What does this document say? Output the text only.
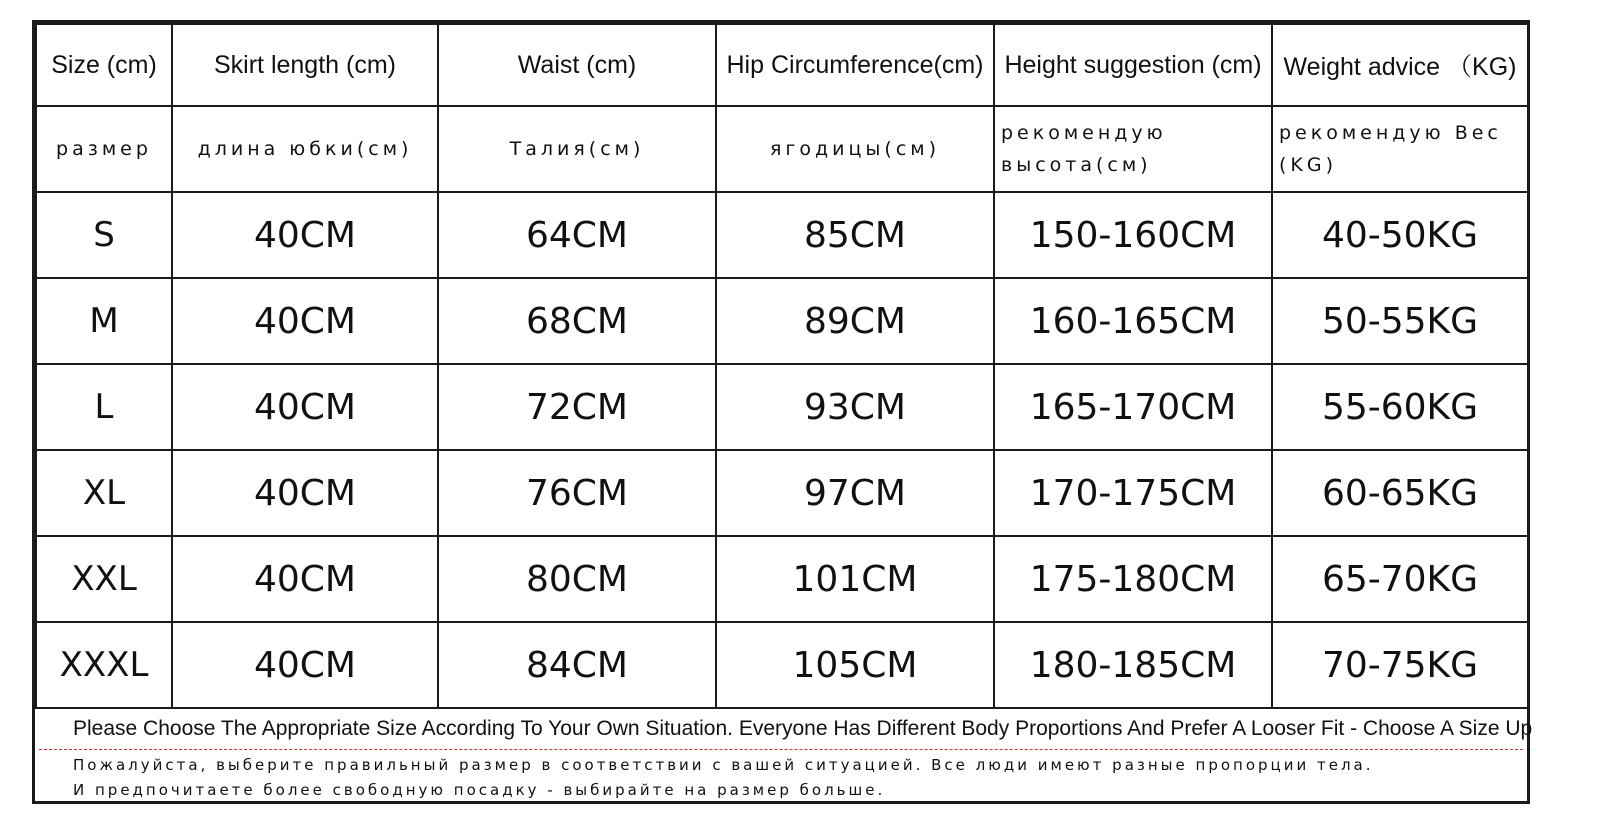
Size (cm)	Skirt length (cm)	Waist (cm)	Hip Circumference(cm)	Height suggestion (cm)	Weight advice （KG)
размер	длина юбки(см)	Талия(см)	ягодицы(см)	рекомендую высота(см)	рекомендую Вес (KG)
S	40CM	64CM	85CM	150-160CM	40-50KG
M	40CM	68CM	89CM	160-165CM	50-55KG
L	40CM	72CM	93CM	165-170CM	55-60KG
XL	40CM	76CM	97CM	170-175CM	60-65KG
XXL	40CM	80CM	101CM	175-180CM	65-70KG
XXXL	40CM	84CM	105CM	180-185CM	70-75KG
Please Choose The Appropriate Size According To Your Own Situation. Everyone Has Different Body Proportions And Prefer A Looser Fit - Choose A Size Up
Пожалуйста, выберите правильный размер в соответствии с вашей ситуацией. Все люди имеют разные пропорции тела.
И предпочитаете более свободную посадку - выбирайте на размер больше.
